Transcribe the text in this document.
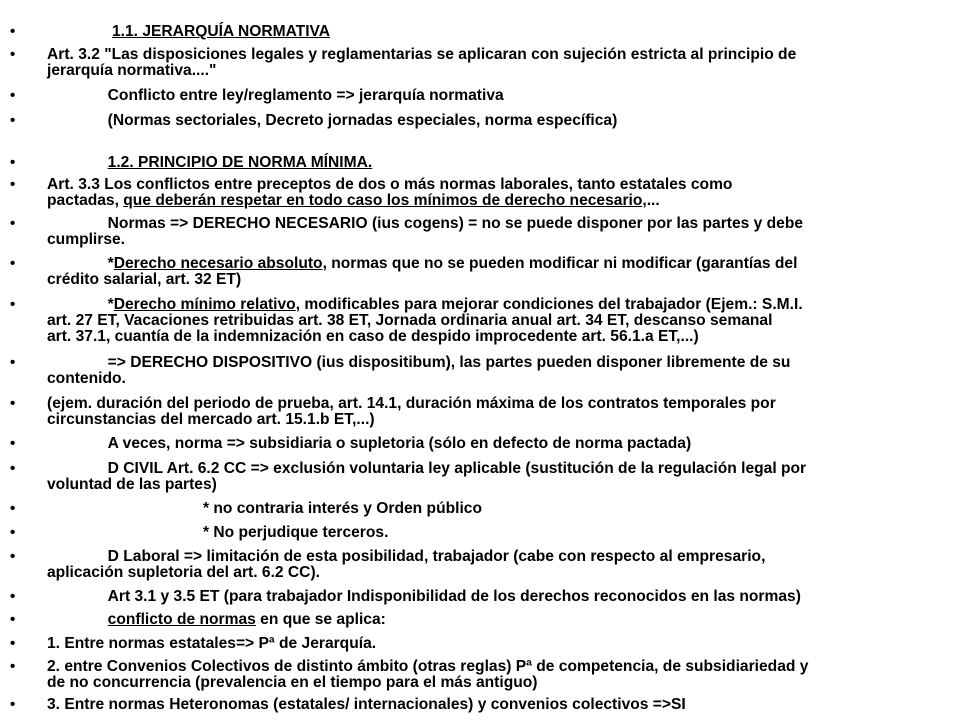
•	1.1. JERARQUÍA NORMATIVA
• Art. 3.2 "Las disposiciones legales y reglamentarias se aplicaran con sujeción estricta al principio de
jerarquía normativa...."
•	Conflicto entre ley/reglamento => jerarquía normativa
•	(Normas sectoriales, Decreto jornadas especiales, norma específica)
•	1.2. PRINCIPIO DE NORMA MÍNIMA.
• Art. 3.3 Los conflictos entre preceptos de dos o más normas laborales, tanto estatales como
pactadas, que deberán respetar en todo caso los mínimos de derecho necesario,...
•	Normas => DERECHO NECESARIO (ius cogens) = no se puede disponer por las partes y debe
cumplirse.
•	*Derecho necesario absoluto, normas que no se pueden modificar ni modificar (garantías del
crédito salarial, art. 32 ET)
•	*Derecho mínimo relativo, modificables para mejorar condiciones del trabajador (Ejem.: S.M.I.
art. 27 ET, Vacaciones retribuidas art. 38 ET, Jornada ordinaria anual art. 34 ET, descanso semanal
art. 37.1, cuantía de la indemnización en caso de despido improcedente art. 56.1.a ET,...)
•	=> DERECHO DISPOSITIVO (ius dispositibum), las partes pueden disponer libremente de su
contenido.
• (ejem. duración del periodo de prueba, art. 14.1, duración máxima de los contratos temporales por
circunstancias del mercado art. 15.1.b ET,...)
•	A veces, norma => subsidiaria o supletoria (sólo en defecto de norma pactada)
•	D CIVIL Art. 6.2 CC => exclusión voluntaria ley aplicable (sustitución de la regulación legal por
voluntad de las partes)
•	* no contraria interés y Orden público
•	* No perjudique terceros.
•	D Laboral => limitación de esta posibilidad, trabajador (cabe con respecto al empresario,
aplicación supletoria del art. 6.2 CC).
•	Art 3.1 y 3.5 ET (para trabajador Indisponibilidad de los derechos reconocidos en las normas)
•	conflicto de normas en que se aplica:
• 1. Entre normas estatales=> Pª de Jerarquía.
• 2. entre Convenios Colectivos de distinto ámbito (otras reglas) Pª de competencia, de subsidiariedad y
de no concurrencia (prevalencia en el tiempo para el más antiguo)
• 3. Entre normas Heteronomas (estatales/ internacionales) y convenios colectivos =>SI
